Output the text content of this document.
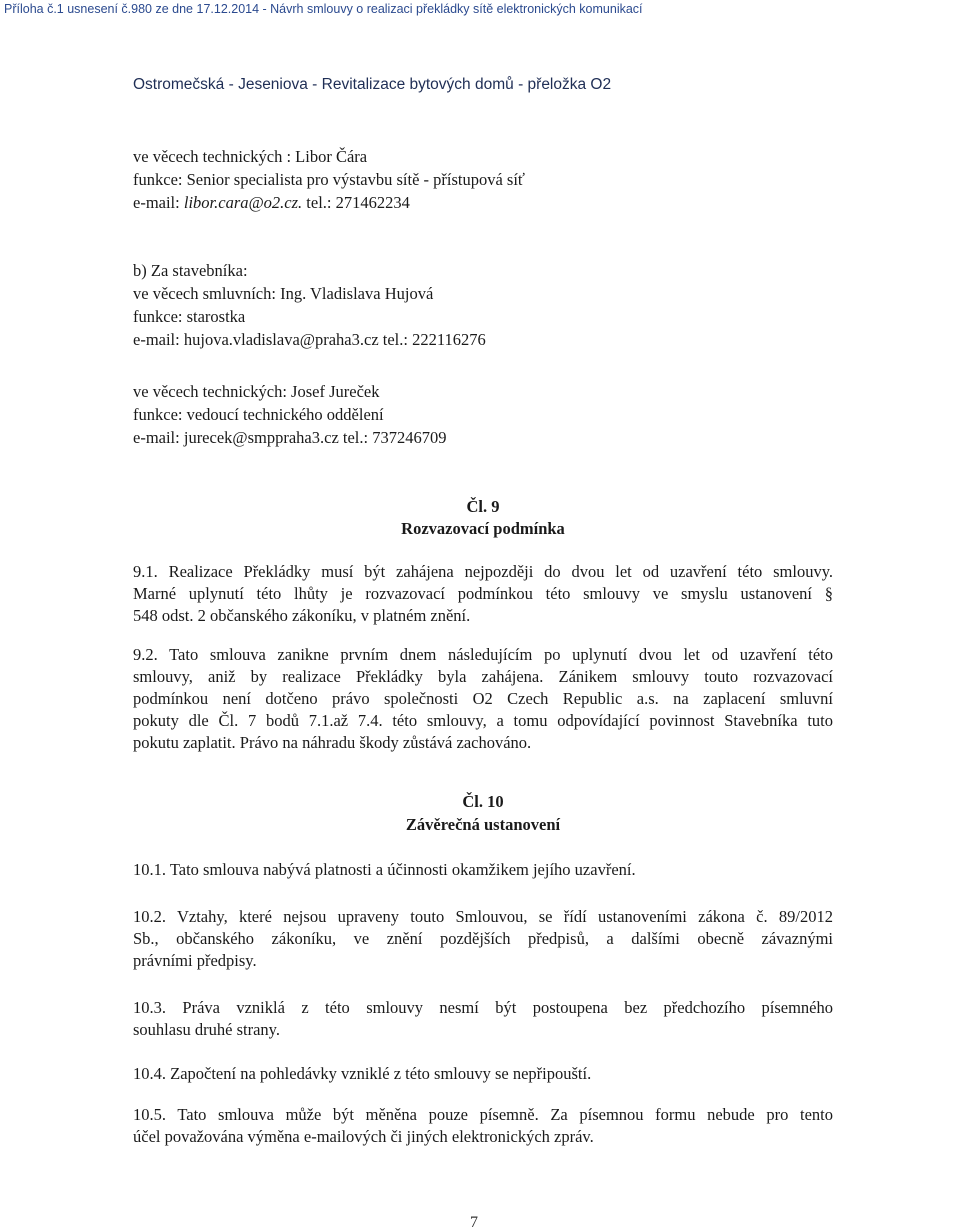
Příloha č.1 usnesení č.980 ze dne 17.12.2014 - Návrh smlouvy o realizaci překládky sítě elektronických komunikací
Ostromečská - Jeseniova - Revitalizace bytových domů - přeložka O2
ve věcech technických : Libor Čára
funkce: Senior specialista pro výstavbu sítě - přístupová síť
e-mail: libor.cara@o2.cz. tel.: 271462234
b) Za stavebníka:
ve věcech smluvních: Ing. Vladislava Hujová
funkce: starostka
e-mail: hujova.vladislava@praha3.cz tel.: 222116276
ve věcech technických: Josef Jureček
funkce: vedoucí technického oddělení
e-mail: jurecek@smppraha3.cz tel.: 737246709
Čl. 9
Rozvazovací podmínka
9.1. Realizace Překládky musí být zahájena nejpozději do dvou let od uzavření této smlouvy.
Marné uplynutí této lhůty je rozvazovací podmínkou této smlouvy ve smyslu ustanovení §
548 odst. 2 občanského zákoníku, v platném znění.
9.2. Tato smlouva zanikne prvním dnem následujícím po uplynutí dvou let od uzavření této
smlouvy, aniž by realizace Překládky byla zahájena. Zánikem smlouvy touto rozvazovací
podmínkou není dotčeno právo společnosti O2 Czech Republic a.s. na zaplacení smluvní
pokuty dle Čl. 7 bodů 7.1.až 7.4. této smlouvy, a tomu odpovídající povinnost Stavebníka tuto
pokutu zaplatit. Právo na náhradu škody zůstává zachováno.
Čl. 10
Závěrečná ustanovení
10.1. Tato smlouva nabývá platnosti a účinnosti okamžikem jejího uzavření.
10.2. Vztahy, které nejsou upraveny touto Smlouvou, se řídí ustanoveními zákona č. 89/2012
Sb., občanského zákoníku, ve znění pozdějších předpisů, a dalšími obecně závaznými
právními předpisy.
10.3. Práva vzniklá z této smlouvy nesmí být postoupena bez předchozího písemného
souhlasu druhé strany.
10.4. Započtení na pohledávky vzniklé z této smlouvy se nepřipouští.
10.5. Tato smlouva může být měněna pouze písemně. Za písemnou formu nebude pro tento
účel považována výměna e-mailových či jiných elektronických zpráv.
7
